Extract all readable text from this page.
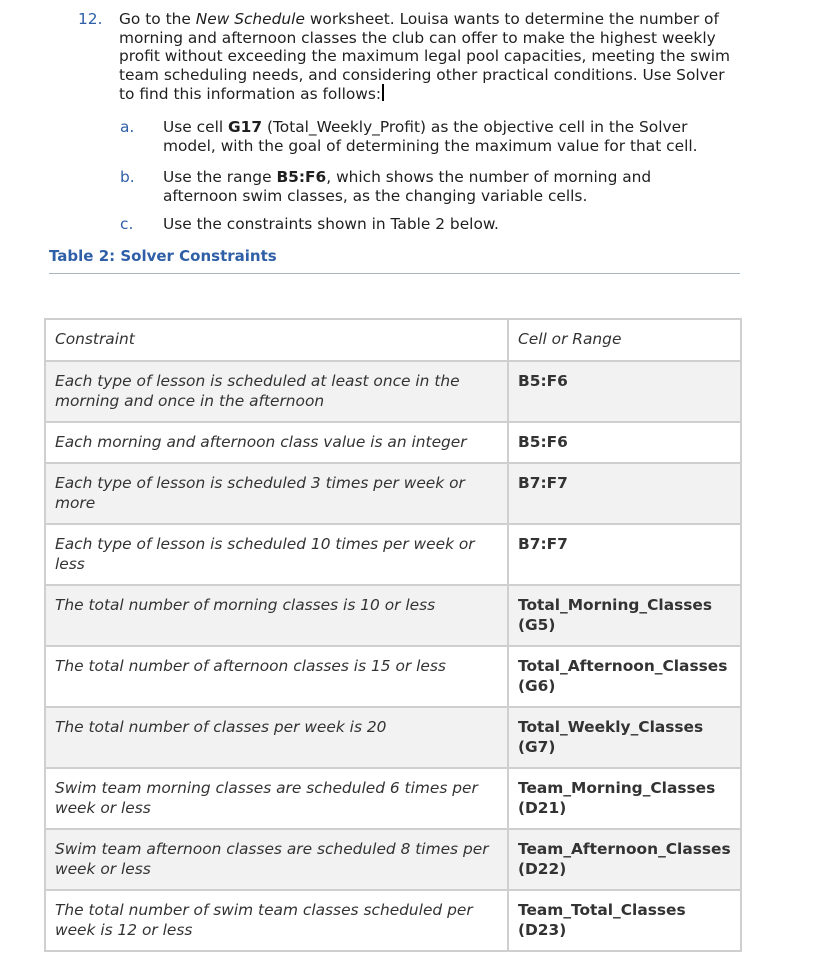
12. Go to the New Schedule worksheet. Louisa wants to determine the number of morning and afternoon classes the club can offer to make the highest weekly profit without exceeding the maximum legal pool capacities, meeting the swim team scheduling needs, and considering other practical conditions. Use Solver to find this information as follows:
a. Use cell G17 (Total_Weekly_Profit) as the objective cell in the Solver model, with the goal of determining the maximum value for that cell.
b. Use the range B5:F6, which shows the number of morning and afternoon swim classes, as the changing variable cells.
c. Use the constraints shown in Table 2 below.
Table 2: Solver Constraints
Constraint	Cell or Range
Each type of lesson is scheduled at least once in the morning and once in the afternoon	B5:F6
Each morning and afternoon class value is an integer	B5:F6
Each type of lesson is scheduled 3 times per week or more	B7:F7
Each type of lesson is scheduled 10 times per week or less	B7:F7
The total number of morning classes is 10 or less	Total_Morning_Classes (G5)
The total number of afternoon classes is 15 or less	Total_Afternoon_Classes (G6)
The total number of classes per week is 20	Total_Weekly_Classes (G7)
Swim team morning classes are scheduled 6 times per week or less	Team_Morning_Classes (D21)
Swim team afternoon classes are scheduled 8 times per week or less	Team_Afternoon_Classes (D22)
The total number of swim team classes scheduled per week is 12 or less	Team_Total_Classes (D23)
